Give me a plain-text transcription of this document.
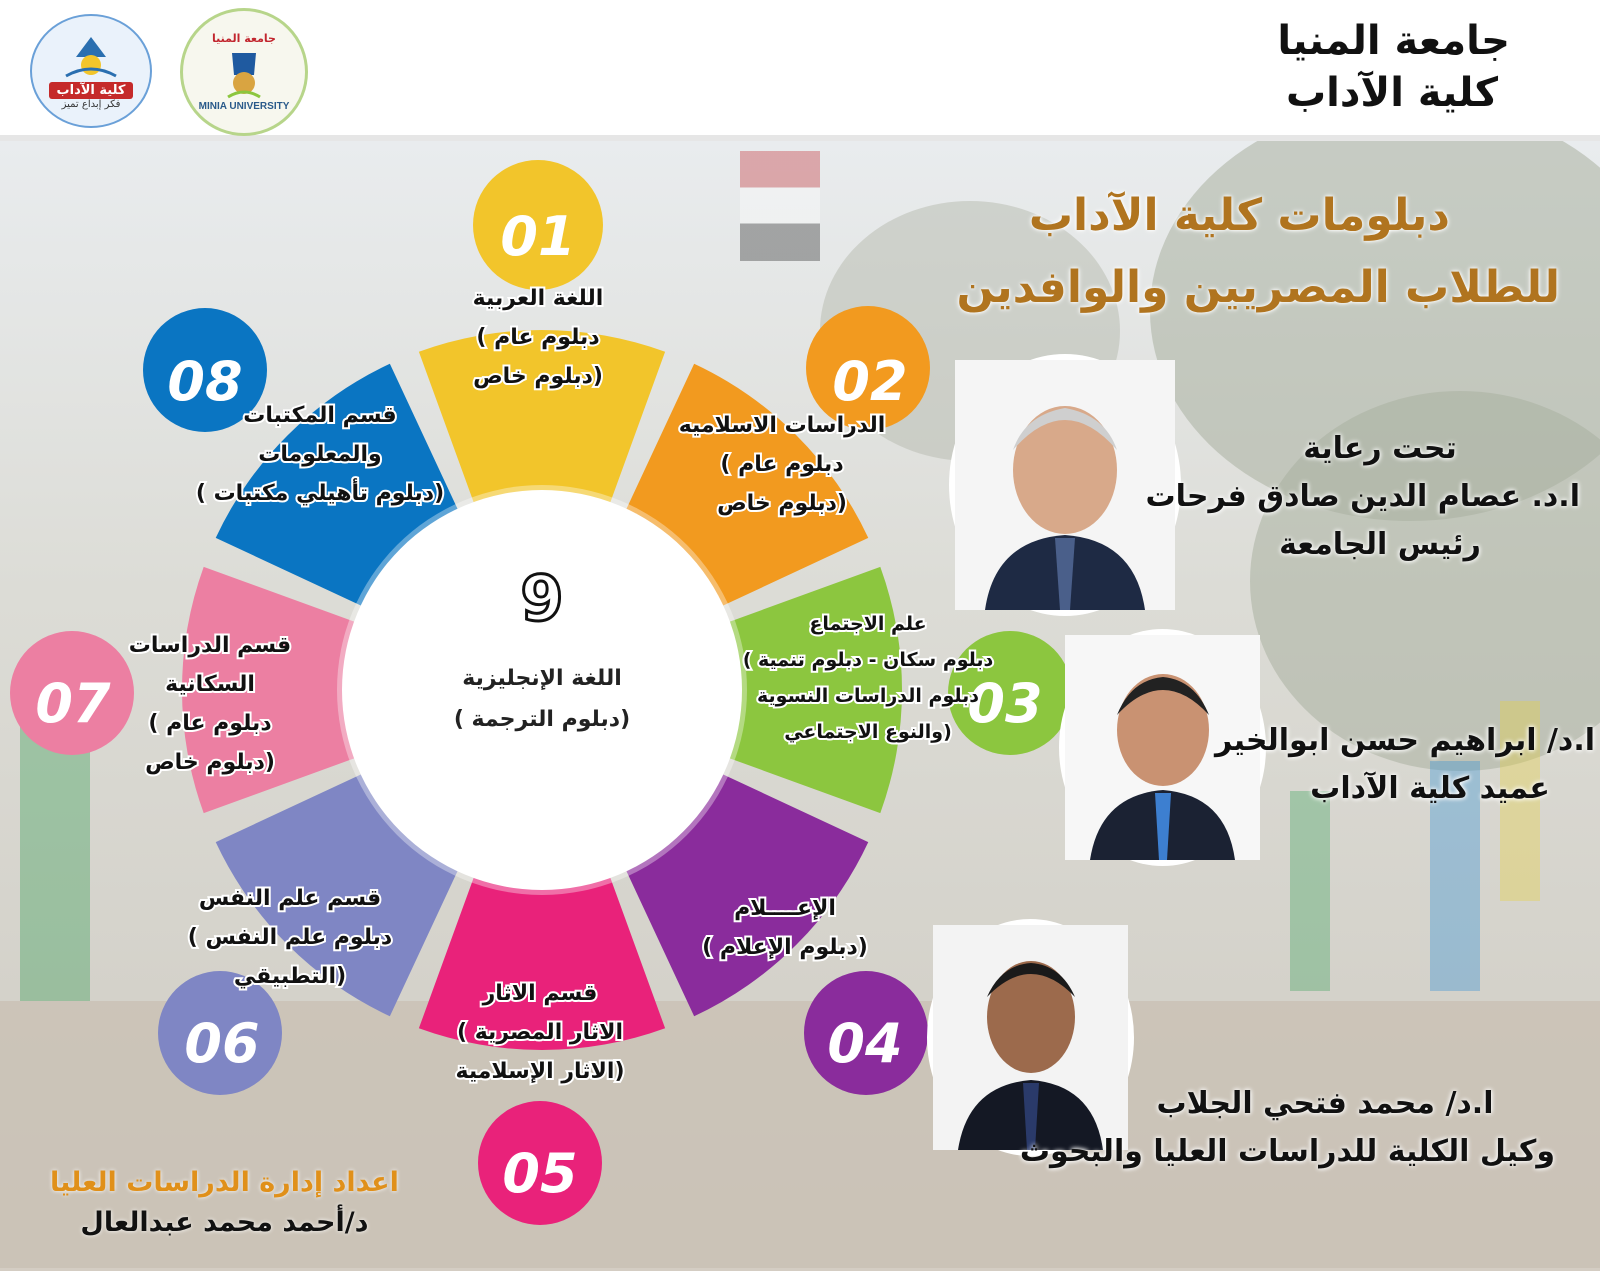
كلية الآداب
فكر إبداع تميز
جامعة المنيا
MINIA UNIVERSITY
جامعة المنيا
كلية الآداب
دبلومات كلية الآداب
للطلاب المصريين والوافدين
01
اللغة العربية
دبلوم عام )
(دبلوم خاص	02
الدراسات الاسلاميه
دبلوم عام )
(دبلوم خاص
03
علم الاجتماع
دبلوم سكان - دبلوم تنمية )
دبلوم الدراسات النسوية
(والنوع الاجتماعي
04
الإعــــلام
(دبلوم الإعلام )
05
قسم الاثار
الاثار المصرية )
(الاثار الإسلامية
06
قسم علم النفس
دبلوم علم النفس )
(التطبيقي
07
قسم الدراسات
السكانية
دبلوم عام )
(دبلوم خاص
08
قسم المكتبات
والمعلومات
(دبلوم تأهيلي مكتبات )
9
اللغة الإنجليزية
(دبلوم الترجمة )
تحت رعاية
ا.د. عصام الدين صادق فرحات
رئيس الجامعة
ا.د/ ابراهيم حسن ابوالخير
عميد كلية الآداب
ا.د/ محمد فتحي الجلاب
وكيل الكلية للدراسات العليا والبحوث
اعداد إدارة الدراسات العليا
د/أحمد محمد عبدالعال
